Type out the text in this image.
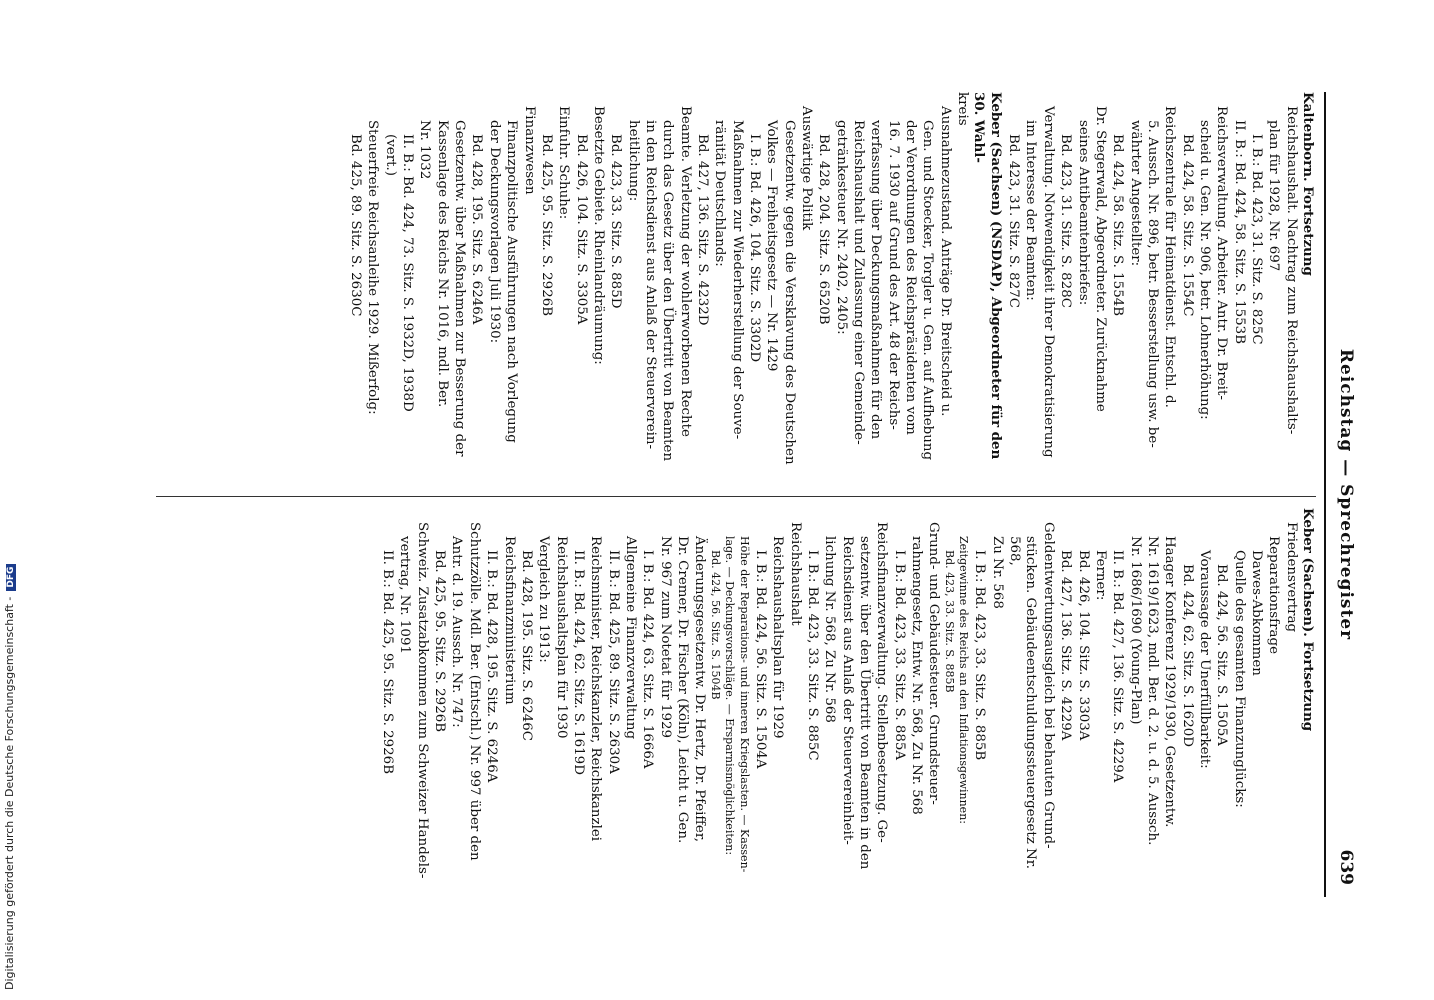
Digitalisierung gefördert durch die Deutsche Forschungsgemeinschaft -DFG	Reichstag — Sprechregister
639
Kaltenborn. Fortsetzung
Reichshaushalt. Nachtrag zum Reichshaushalts-
plan für 1928, Nr. 697
I. B.: Bd. 423, 31. Sitz. S. 825C
II. B.: Bd. 424, 58. Sitz. S. 1553B
Reichsverwaltung. Arbeiter. Antr. Dr. Breit-
scheid u. Gen. Nr. 906, betr. Lohnerhöhung:
Bd. 424, 58. Sitz. S. 1554C
Reichszentrale für Heimatdienst. Entschl. d.
5. Aussch. Nr. 896, betr. Besserstellung usw. be-
währter Angestellter:
Bd. 424, 58. Sitz. S. 1554B
Dr. Stegerwald, Abgeordneter. Zurücknahme
seines Antibeamtenbriefes:
Bd. 423, 31. Sitz. S. 828C
Verwaltung. Notwendigkeit ihrer Demokratisierung
im Interesse der Beamten:
Bd. 423, 31. Sitz. S. 827C
Keber (Sachsen) (NSDAP), Abgeordneter für den 30. Wahl-
kreis
Ausnahmezustand. Anträge Dr. Breitscheid u.
Gen. und Stoecker, Torgler u. Gen. auf Aufhebung
der Verordnungen des Reichspräsidenten vom
16. 7. 1930 auf Grund des Art. 48 der Reichs-
verfassung über Deckungsmaßnahmen für den
Reichshaushalt und Zulassung einer Gemeinde-
getränkesteuer Nr. 2402, 2405:
Bd. 428, 204. Sitz. S. 6520B
Auswärtige Politik
Gesetzentw. gegen die Versklavung des Deutschen
Volkes — Freiheitsgesetz — Nr. 1429
I. B.: Bd. 426, 104. Sitz. S. 3302D
Maßnahmen zur Wiederherstellung der Souve-
ränität Deutschlands:
Bd. 427, 136. Sitz. S. 4232D
Beamte. Verletzung der wohlerworbenen Rechte
durch das Gesetz über den Übertritt von Beamten
in den Reichsdienst aus Anlaß der Steuerverein-
heitlichung:
Bd. 423, 33. Sitz. S. 885D
Besetzte Gebiete. Rheinlandräumung:
Bd. 426, 104. Sitz. S. 3305A
Einfuhr. Schuhe:
Bd. 425, 95. Sitz. S. 2926B
Finanzwesen
Finanzpolitische Ausführungen nach Vorlegung
der Deckungsvorlagen Juli 1930:
Bd. 428, 195. Sitz. S. 6246A
Gesetzentw. über Maßnahmen zur Besserung der
Kassenlage des Reichs Nr. 1016, mdl. Ber.
Nr. 1032
II. B.: Bd. 424, 73. Sitz. S. 1932D, 1938D
(vert.)
Steuerfreie Reichsanleihe 1929. Mißerfolg:
Bd. 425, 89. Sitz. S. 2630C
Keber (Sachsen). Fortsetzung
Friedensvertrag
Reparationsfrage
Dawes-Abkommen
Quelle des gesamten Finanzunglücks:
Bd. 424, 56. Sitz. S. 1505A
Voraussage der Unerfüllbarkeit:
Bd. 424, 62. Sitz. S. 1620D
Haager Konferenz 1929/1930, Gesetzentw.
Nr. 1619/1623, mdl. Ber. d. 2. u. d. 5. Aussch.
Nr. 1686/1690 (Young-Plan)
II. B.: Bd. 427, 136. Sitz. S. 4229A
Ferner:
Bd. 426, 104. Sitz. S. 3303A
Bd. 427, 136. Sitz. S. 4229A
Geldentwertungsausgleich bei behauten Grund-
stücken. Gebäudeentschuldungssteuergesetz Nr. 568,
Zu Nr. 568
I. B.: Bd. 423, 33. Sitz. S. 885B
Zeitgewinne des Reichs an den Inflationsgewinnen:
Bd. 423, 33. Sitz. S. 885B
Grund- und Gebäudesteuer. Grundsteuer-
rahmengesetz, Entw. Nr. 568, Zu Nr. 568
I. B.: Bd. 423, 33. Sitz. S. 885A
Reichsfinanzverwaltung. Stellenbesetzung. Ge-
setzentw. über den Übertritt von Beamten in den
Reichsdienst aus Anlaß der Steuervereinheit-
lichung Nr. 568, Zu Nr. 568
I. B.: Bd. 423, 33. Sitz. S. 885C
Reichshaushalt
Reichshaushaltsplan für 1929
I. B.: Bd. 424, 56. Sitz. S. 1504A
Höhe der Reparations- und inneren Kriegslasten. — Kassen-
lage. — Deckungsvorschläge. — Ersparnismöglichkeiten:
Bd. 424, 56. Sitz. S. 1504B
Änderungsgesetzentw. Dr. Hertz, Dr. Pfeiffer,
Dr. Cremer, Dr. Fischer (Köln), Leicht u. Gen.
Nr. 967 zum Notetat für 1929
I. B.: Bd. 424, 63. Sitz. S. 1666A
Allgemeine Finanzverwaltung
II. B.: Bd. 425, 89. Sitz. S. 2630A
Reichsminister, Reichskanzler, Reichskanzlei
II. B.: Bd. 424, 62. Sitz. S. 1619D
Reichshaushaltsplan für 1930
Vergleich zu 1913:
Bd. 428, 195. Sitz. S. 6246C
Reichsfinanzministerium
II. B.: Bd. 428, 195. Sitz. S. 6246A
Schutzzölle. Mdl. Ber. (Entschl.) Nr. 997 über den
Antr. d. 19. Aussch. Nr. 747:
Bd. 425, 95. Sitz. S. 2926B
Schweiz. Zusatzabkommen zum Schweizer Handels-
vertrag, Nr. 1091
II. B.: Bd. 425, 95. Sitz. S. 2926B
